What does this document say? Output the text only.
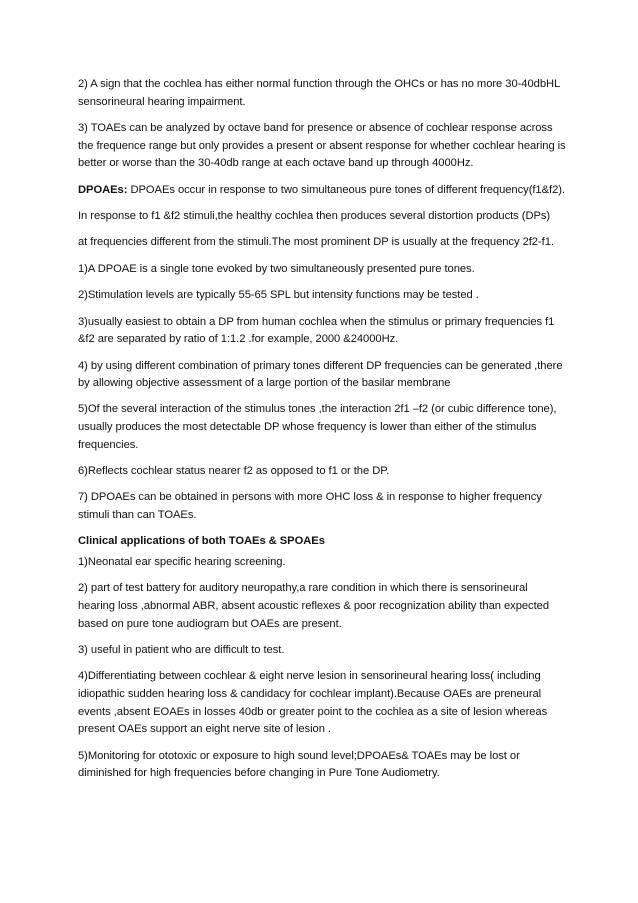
2) A sign that the cochlea has either normal function through the OHCs or has no more 30-40dbHL sensorineural hearing impairment.

3) TOAEs can be analyzed by octave band for presence or absence of cochlear response across the frequence range but only provides a present or absent response for whether cochlear hearing is better or worse than the 30-40db range at each octave band up through 4000Hz.

DPOAEs: DPOAEs occur in response to two simultaneous pure tones of different frequency(f1&f2).

In response to f1 &f2 stimuli,the healthy cochlea then produces several distortion products (DPs)

at frequencies different from the stimuli.The most prominent DP is usually at the frequency 2f2-f1.

1)A DPOAE is a single tone evoked by two simultaneously presented pure tones.

2)Stimulation levels are typically 55-65 SPL but intensity functions may be tested .

3)usually easiest to obtain a DP from human cochlea when the stimulus or primary frequencies f1 &f2 are separated by ratio of 1:1.2 .for example, 2000 &24000Hz.

4) by using different combination of primary tones different DP frequencies can be generated ,there by allowing objective assessment of a large portion of the basilar membrane

5)Of the several interaction of the stimulus tones ,the interaction 2f1 –f2 (or cubic difference tone), usually produces the most detectable DP whose frequency is lower than either of the stimulus frequencies.

6)Reflects cochlear status nearer f2 as opposed to f1 or the DP.

7) DPOAEs can be obtained in persons with more OHC loss & in response to higher frequency stimuli than can TOAEs.

Clinical applications of both TOAEs & SPOAEs

1)Neonatal ear specific hearing screening.

2) part of test battery for auditory neuropathy,a rare condition in which there is sensorineural hearing loss ,abnormal ABR, absent acoustic reflexes & poor recognization ability than expected based on pure tone audiogram but OAEs are present.

3) useful in patient who are difficult to test.

4)Differentiating between cochlear & eight nerve lesion in sensorineural hearing loss( including idiopathic sudden hearing loss & candidacy for cochlear implant).Because OAEs are preneural events ,absent EOAEs in losses 40db or greater point to the cochlea as a site of lesion whereas present OAEs support an eight nerve site of lesion .

5)Monitoring for ototoxic or exposure to high sound level;DPOAEs& TOAEs may be lost or diminished for high frequencies before changing in Pure Tone Audiometry.
